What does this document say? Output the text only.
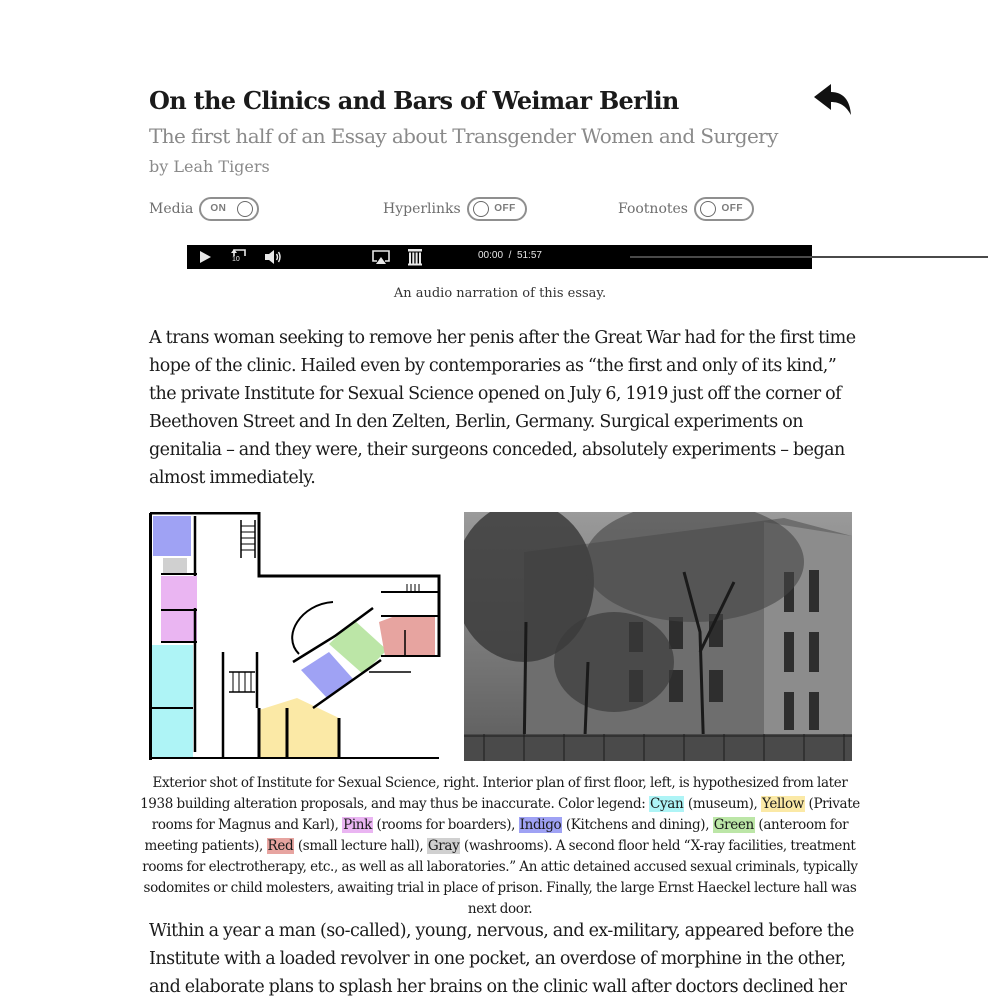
On the Clinics and Bars of Weimar Berlin
The first half of an Essay about Transgender Women and Surgery
by Leah Tigers
Media ON	Hyperlinks	OFF	Footnotes	OFF
10	00:00 / 51:57
An audio narration of this essay.

A trans woman seeking to remove her penis after the Great War had for the first time hope of the clinic. Hailed even by contemporaries as “the first and only of its kind,” the private Institute for Sexual Science opened on July 6, 1919 just off the corner of Beethoven Street and In den Zelten, Berlin, Germany. Surgical experiments on genitalia – and they were, their surgeons conceded, absolutely experiments – began almost immediately.

Exterior shot of Institute for Sexual Science, right. Interior plan of first floor, left, is hypothesized from later 1938 building alteration proposals, and may thus be inaccurate. Color legend: Cyan (museum), Yellow (Private rooms for Magnus and Karl), Pink (rooms for boarders), Indigo (Kitchens and dining), Green (anteroom for meeting patients), Red (small lecture hall), Gray (washrooms). A second floor held “X-ray facilities, treatment rooms for electrotherapy, etc., as well as all laboratories.” An attic detained accused sexual criminals, typically sodomites or child molesters, awaiting trial in place of prison. Finally, the large Ernst Haeckel lecture hall was next door.

Within a year a man (so-called), young, nervous, and ex-military, appeared before the Institute with a loaded revolver in one pocket, an overdose of morphine in the other, and elaborate plans to splash her brains on the clinic wall after doctors declined her
